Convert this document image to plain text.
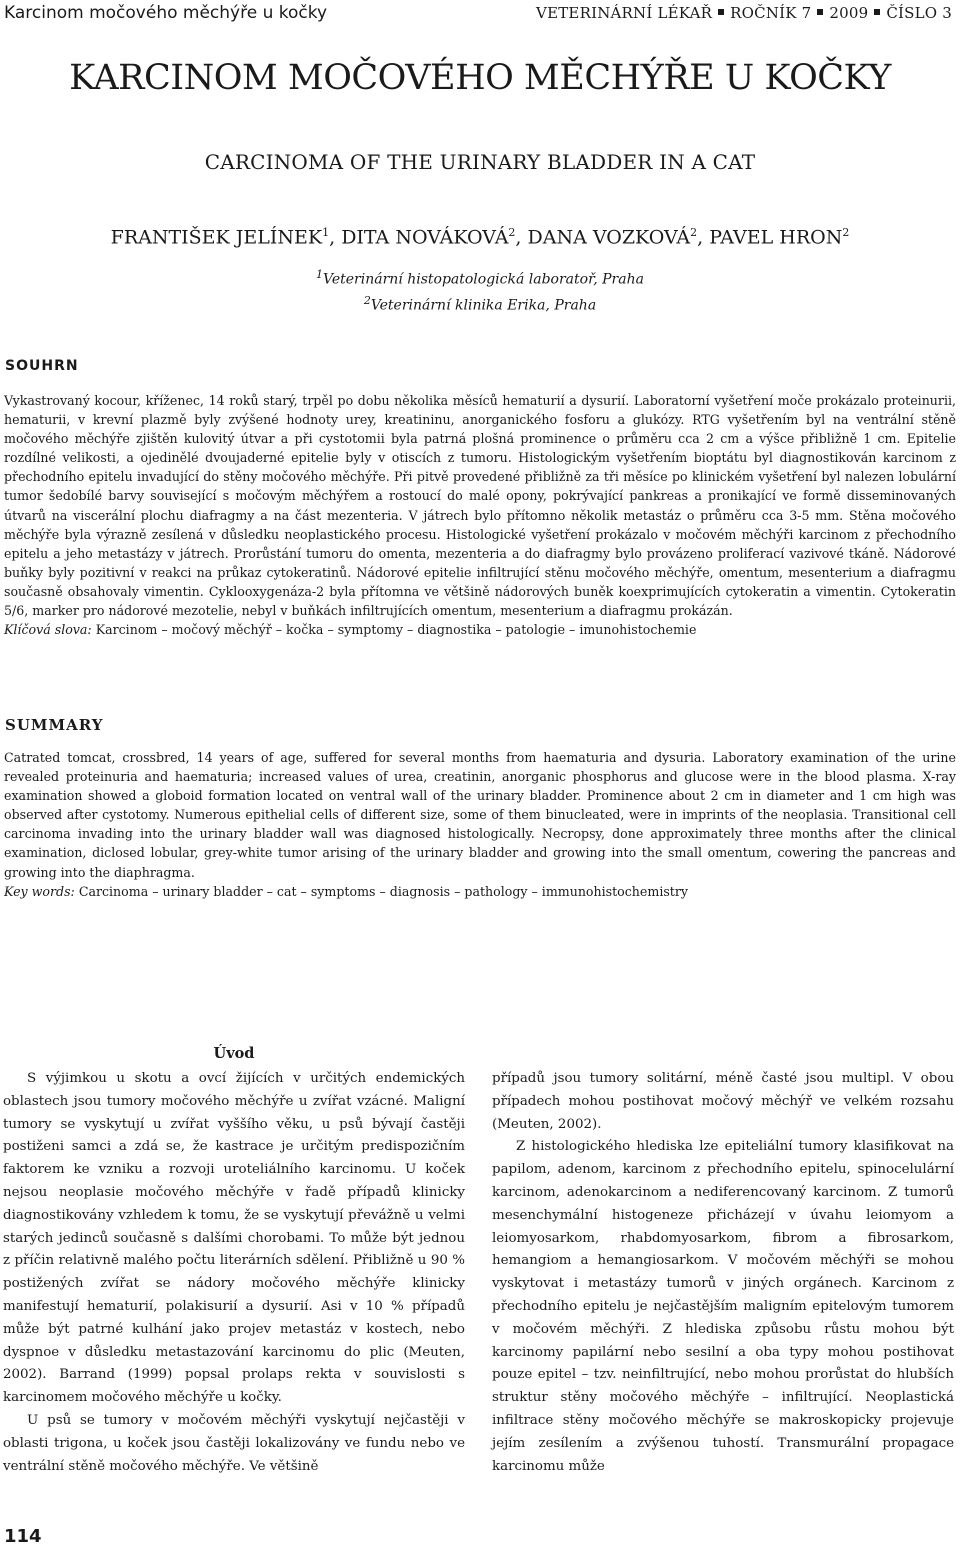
Karcinom močového měchýře u kočky	VETERINÁRNÍ LÉKAŘ ROČNÍK 7 2009 ČÍSLO 3
KARCINOM MOČOVÉHO MĚCHÝŘE U KOČKY
CARCINOMA OF THE URINARY BLADDER IN A CAT
FRANTIŠEK JELÍNEK$^1$, DITA NOVÁKOVÁ$^2$, DANA VOZKOVÁ$^2$, PAVEL HRON$^2$
$^1$Veterinární histopatologická laboratoř, Praha
$^2$Veterinární klinika Erika, Praha
SOUHRN

Vykastrovaný kocour, kříženec, 14 roků starý, trpěl po dobu několika měsíců hematurií a dysurií. Laboratorní vyšetření moče prokázalo proteinurii, hematurii, v krevní plazmě byly zvýšené hodnoty urey, kreatininu, anorganického fosforu a glukózy. RTG vyšetřením byl na ventrální stěně močového měchýře zjištěn kulovitý útvar a při cystotomii byla patrná plošná prominence o průměru cca 2 cm a výšce přibližně 1 cm. Epitelie rozdílné velikosti, a ojedinělé dvoujaderné epitelie byly v otiscích z tumoru. Histologickým vyšetřením bioptátu byl diagnostikován karcinom z přechodního epitelu invadující do stěny močového měchýře. Při pitvě provedené přibližně za tři měsíce po klinickém vyšetření byl nalezen lobulární tumor šedobílé barvy související s močovým měchýřem a rostoucí do malé opony, pokrývající pankreas a pronikající ve formě disseminovaných útvarů na viscerální plochu diafragmy a na část mezenteria. V játrech bylo přítomno několik metastáz o průměru cca 3-5 mm. Stěna močového měchýře byla výrazně zesílená v důsledku neoplastického procesu. Histologické vyšetření prokázalo v močovém měchýři karcinom z přechodního epitelu a jeho metastázy v játrech. Prorůstání tumoru do omenta, mezenteria a do diafragmy bylo provázeno proliferací vazivové tkáně. Nádorové buňky byly pozitivní v reakci na průkaz cytokeratinů. Nádorové epitelie infiltrující stěnu močového měchýře, omentum, mesenterium a diafragmu současně obsahovaly vimentin. Cyklooxygenáza-2 byla přítomna ve většině nádorových buněk koexprimujících cytokeratin a vimentin. Cytokeratin 5/6, marker pro nádorové mezotelie, nebyl v buňkách infiltrujících omentum, mesenterium a diafragmu prokázán.
Klíčová slova: Karcinom – močový měchýř – kočka – symptomy – diagnostika – patologie – imunohistochemie

SUMMARY

Catrated tomcat, crossbred, 14 years of age, suffered for several months from haematuria and dysuria. Laboratory examination of the urine revealed proteinuria and haematuria; increased values of urea, creatinin, anorganic phosphorus and glucose were in the blood plasma. X-ray examination showed a globoid formation located on ventral wall of the urinary bladder. Prominence about 2 cm in diameter and 1 cm high was observed after cystotomy. Numerous epithelial cells of different size, some of them binucleated, were in imprints of the neoplasia. Transitional cell carcinoma invading into the urinary bladder wall was diagnosed histologically. Necropsy, done approximately three months after the clinical examination, diclosed lobular, grey-white tumor arising of the urinary bladder and growing into the small omentum, cowering the pancreas and growing into the diaphragma.
Key words: Carcinoma – urinary bladder – cat – symptoms – diagnosis – pathology – immunohistochemistry

Úvod

S výjimkou u skotu a ovcí žijících v určitých endemických oblastech jsou tumory močového měchýře u zvířat vzácné. Maligní tumory se vyskytují u zvířat vyššího věku, u psů bývají častěji postiženi samci a zdá se, že kastrace je určitým predispozičním faktorem ke vzniku a rozvoji uroteliálního karcinomu. U koček nejsou neoplasie močového měchýře v řadě případů klinicky diagnostikovány vzhledem k tomu, že se vyskytují převážně u velmi starých jedinců současně s dalšími chorobami. To může být jednou z příčin relativně malého počtu literárních sdělení. Přibližně u 90 % postižených zvířat se nádory močového měchýře klinicky manifestují hematurií, polakisurií a dysurií. Asi v 10 % případů může být patrné kulhání jako projev metastáz v kostech, nebo dyspnoe v důsledku metastazování karcinomu do plic (Meuten, 2002). Barrand (1999) popsal prolaps rekta v souvislosti s karcinomem močového měchýře u kočky.

U psů se tumory v močovém měchýři vyskytují nejčastěji v oblasti trigona, u koček jsou častěji lokalizovány ve fundu nebo ve ventrální stěně močového měchýře. Ve většině

případů jsou tumory solitární, méně časté jsou multipl. V obou případech mohou postihovat močový měchýř ve velkém rozsahu (Meuten, 2002).

Z histologického hlediska lze epiteliální tumory klasifikovat na papilom, adenom, karcinom z přechodního epitelu, spinocelulární karcinom, adenokarcinom a nediferencovaný karcinom. Z tumorů mesenchymální histogeneze přicházejí v úvahu leiomyom a leiomyosarkom, rhabdomyosarkom, fibrom a fibrosarkom, hemangiom a hemangiosarkom. V močovém měchýři se mohou vyskytovat i metastázy tumorů v jiných orgánech. Karcinom z přechodního epitelu je nejčastějším maligním epitelovým tumorem v močovém měchýři. Z hlediska způsobu růstu mohou být karcinomy papilární nebo sesilní a oba typy mohou postihovat pouze epitel – tzv. neinfiltrující, nebo mohou prorůstat do hlubších struktur stěny močového měchýře – infiltrující. Neoplastická infiltrace stěny močového měchýře se makroskopicky projevuje jejím zesílením a zvýšenou tuhostí. Transmurální propagace karcinomu může

114
